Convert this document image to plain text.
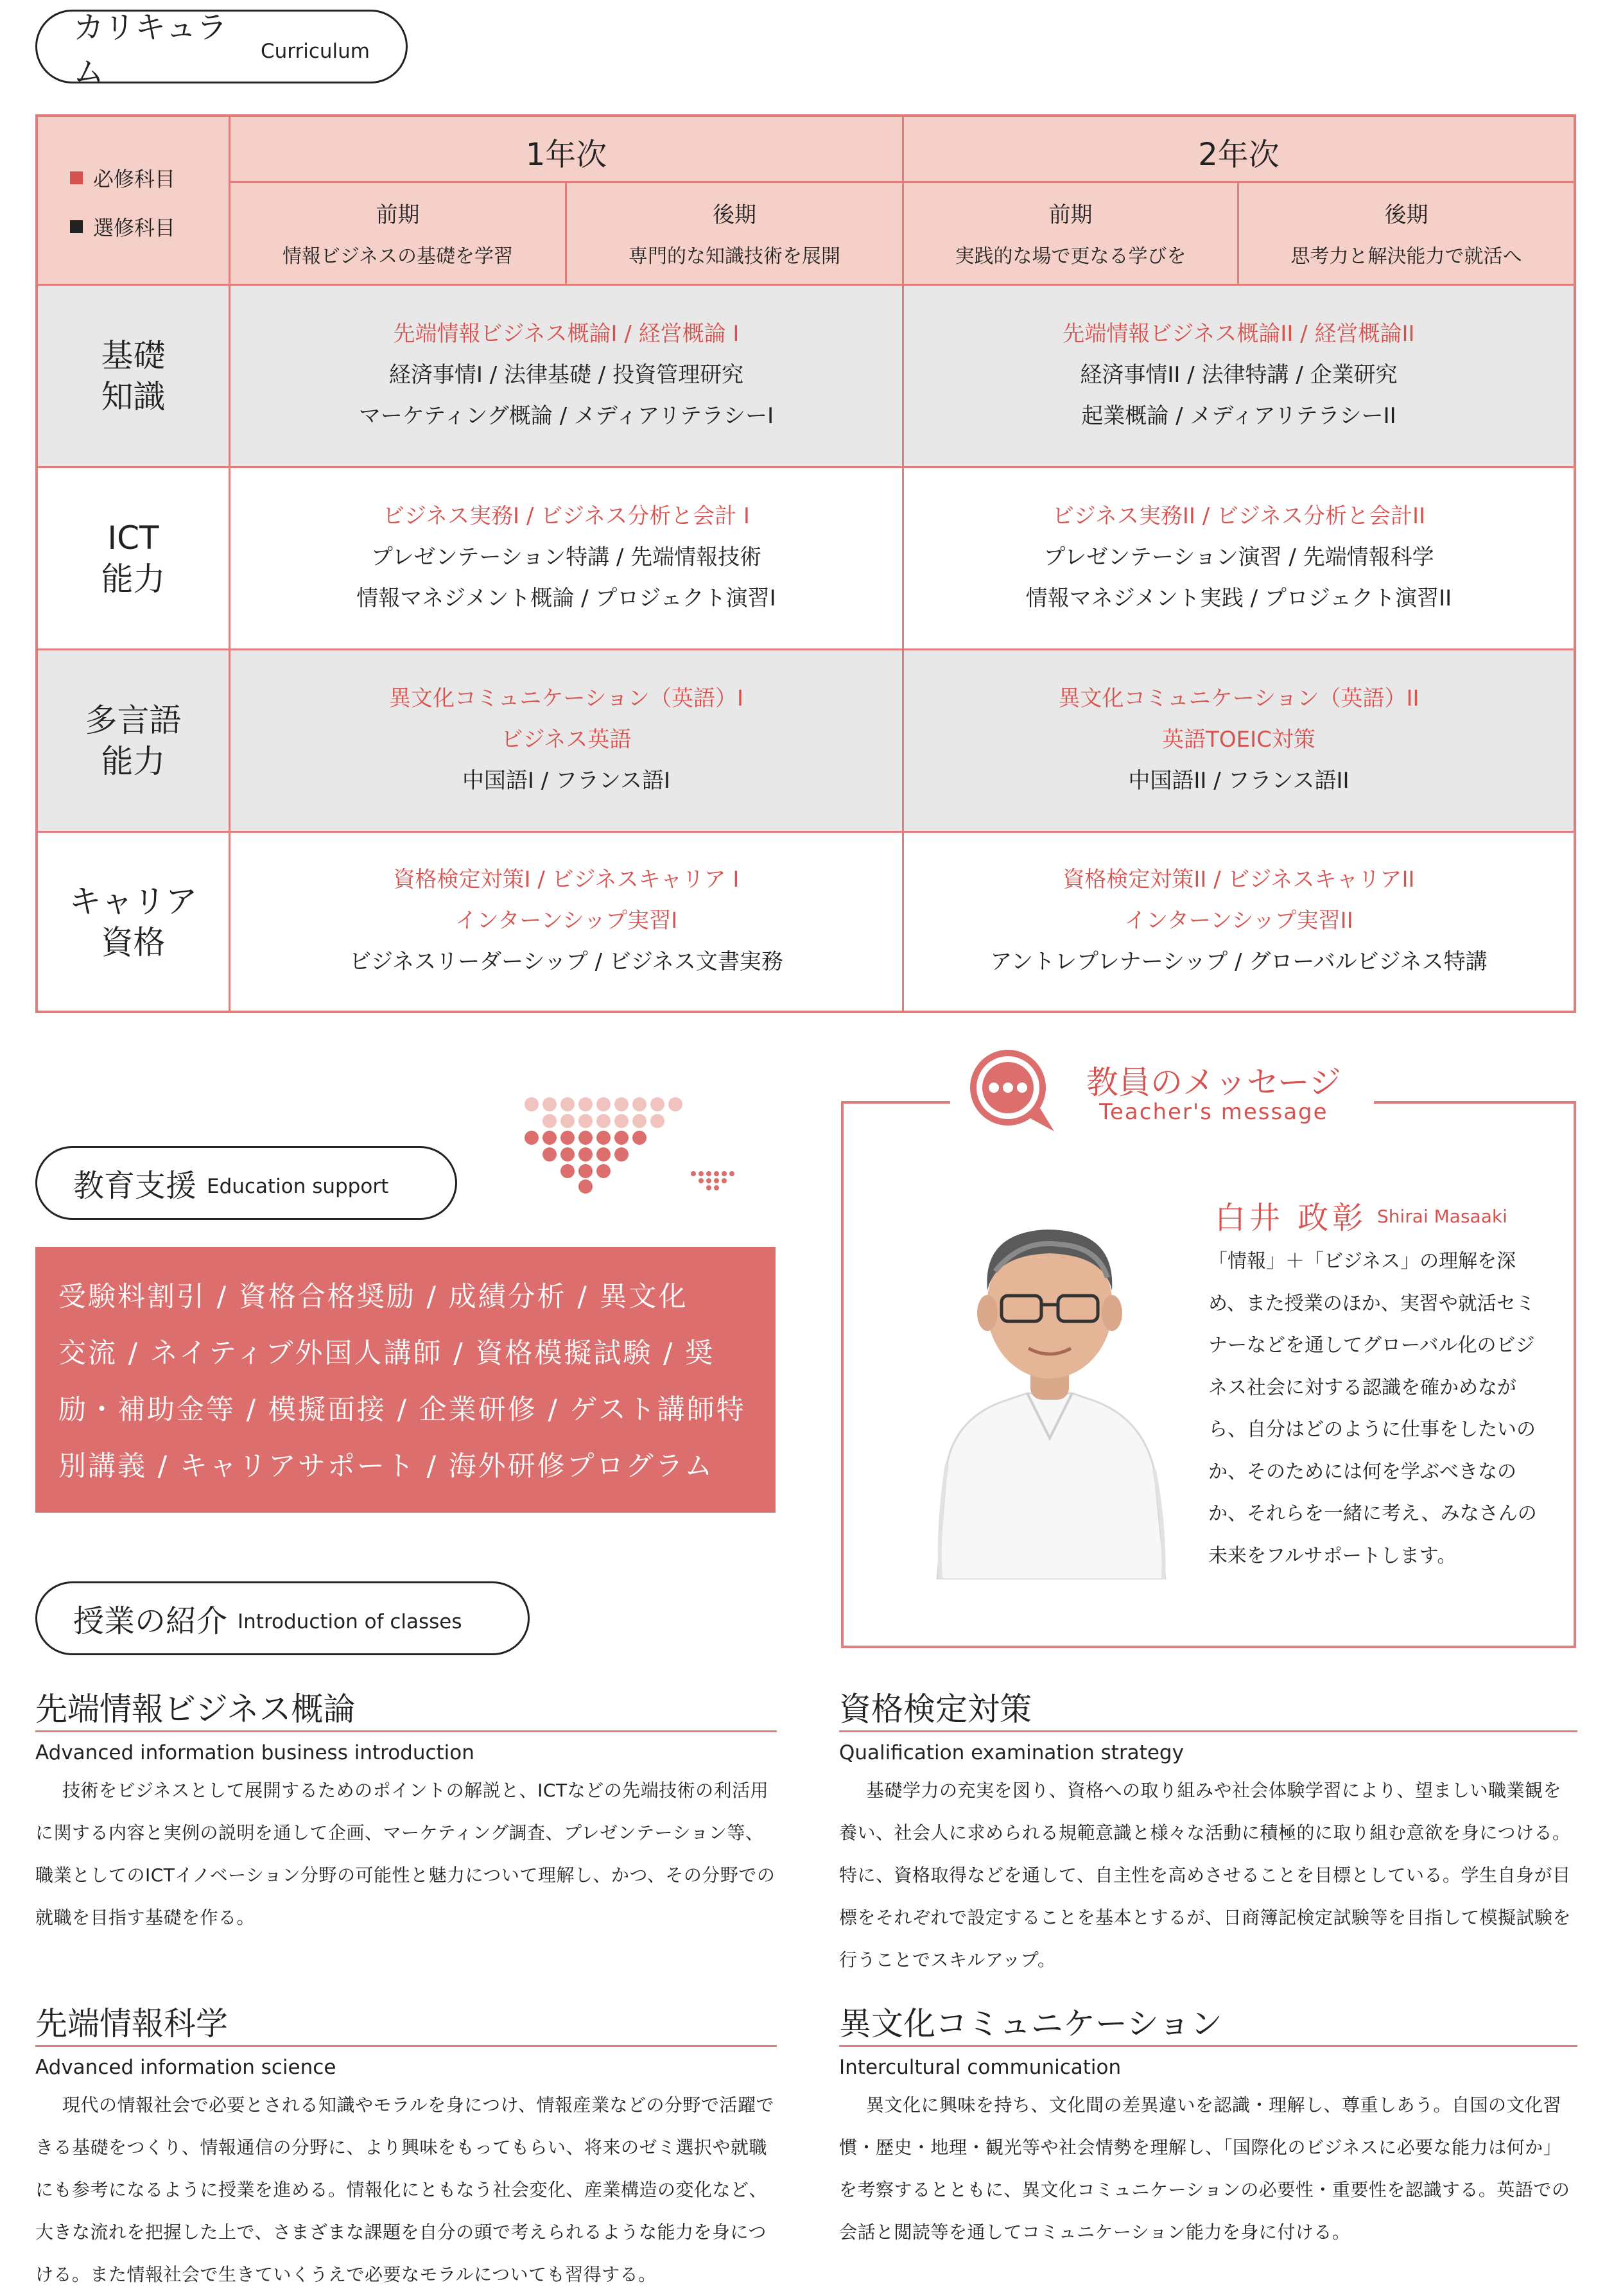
カリキュラム
Curriculum
必修科目
選修科目
1年次	2年次
前期
情報ビジネスの基礎を学習
後期
専門的な知識技術を展開
前期
実践的な場で更なる学びを
後期
思考力と解決能力で就活へ
基礎
知識
先端情報ビジネス概論I / 経営概論 I
経済事情I / 法律基礎 / 投資管理研究
マーケティング概論 / メディアリテラシーI
先端情報ビジネス概論II / 経営概論II
経済事情II / 法律特講 / 企業研究
起業概論 / メディアリテラシーII
ICT
能力
ビジネス実務I / ビジネス分析と会計 I
プレゼンテーション特講 / 先端情報技術
情報マネジメント概論 / プロジェクト演習I
ビジネス実務II / ビジネス分析と会計II
プレゼンテーション演習 / 先端情報科学
情報マネジメント実践 / プロジェクト演習II
多言語
能力
異文化コミュニケーション（英語）I
ビジネス英語
中国語I / フランス語I
異文化コミュニケーション（英語）II
英語TOEIC対策
中国語II / フランス語II
キャリア
資格
資格検定対策I / ビジネスキャリア I
インターンシップ実習I
ビジネスリーダーシップ / ビジネス文書実務
資格検定対策II / ビジネスキャリアII
インターンシップ実習II
アントレプレナーシップ / グローバルビジネス特講
教育支援 Education support

受験料割引 / 資格合格奨励 / 成績分析 / 異文化

交流 / ネイティブ外国人講師 / 資格模擬試験 / 奨

励・補助金等 / 模擬面接 / 企業研修 / ゲスト講師特

別講義 / キャリアサポート / 海外研修プログラム

教員のメッセージ
Teacher's message
白井 政彰 Shirai Masaaki

「情報」＋「ビジネス」の理解を深め、また授業のほか、実習や就活セミナーなどを通してグローバル化のビジネス社会に対する認識を確かめながら、自分はどのように仕事をしたいのか、そのためには何を学ぶべきなのか、それらを一緒に考え、みなさんの未来をフルサポートします。

授業の紹介 Introduction of classes
先端情報ビジネス概論
Advanced information business introduction

技術をビジネスとして展開するためのポイントの解説と、ICTなどの先端技術の利活用に関する内容と実例の説明を通して企画、マーケティング調査、プレゼンテーション等、職業としてのICTイノベーション分野の可能性と魅力について理解し、かつ、その分野での就職を目指す基礎を作る。

資格検定対策
Qualification examination strategy

基礎学力の充実を図り、資格への取り組みや社会体験学習により、望ましい職業観を養い、社会人に求められる規範意識と様々な活動に積極的に取り組む意欲を身につける。特に、資格取得などを通して、自主性を高めさせることを目標としている。学生自身が目標をそれぞれで設定することを基本とするが、日商簿記検定試験等を目指して模擬試験を行うことでスキルアップ。

先端情報科学
Advanced information science

現代の情報社会で必要とされる知識やモラルを身につけ、情報産業などの分野で活躍できる基礎をつくり、情報通信の分野に、より興味をもってもらい、将来のゼミ選択や就職にも参考になるように授業を進める。情報化にともなう社会変化、産業構造の変化など、大きな流れを把握した上で、さまざまな課題を自分の頭で考えられるような能力を身につける。また情報社会で生きていくうえで必要なモラルについても習得する。

異文化コミュニケーション
Intercultural communication

異文化に興味を持ち、文化間の差異違いを認識・理解し、尊重しあう。自国の文化習慣・歴史・地理・観光等や社会情勢を理解し、「国際化のビジネスに必要な能力は何か」を考察するとともに、異文化コミュニケーションの必要性・重要性を認識する。英語での会話と閲読等を通してコミュニケーション能力を身に付ける。
